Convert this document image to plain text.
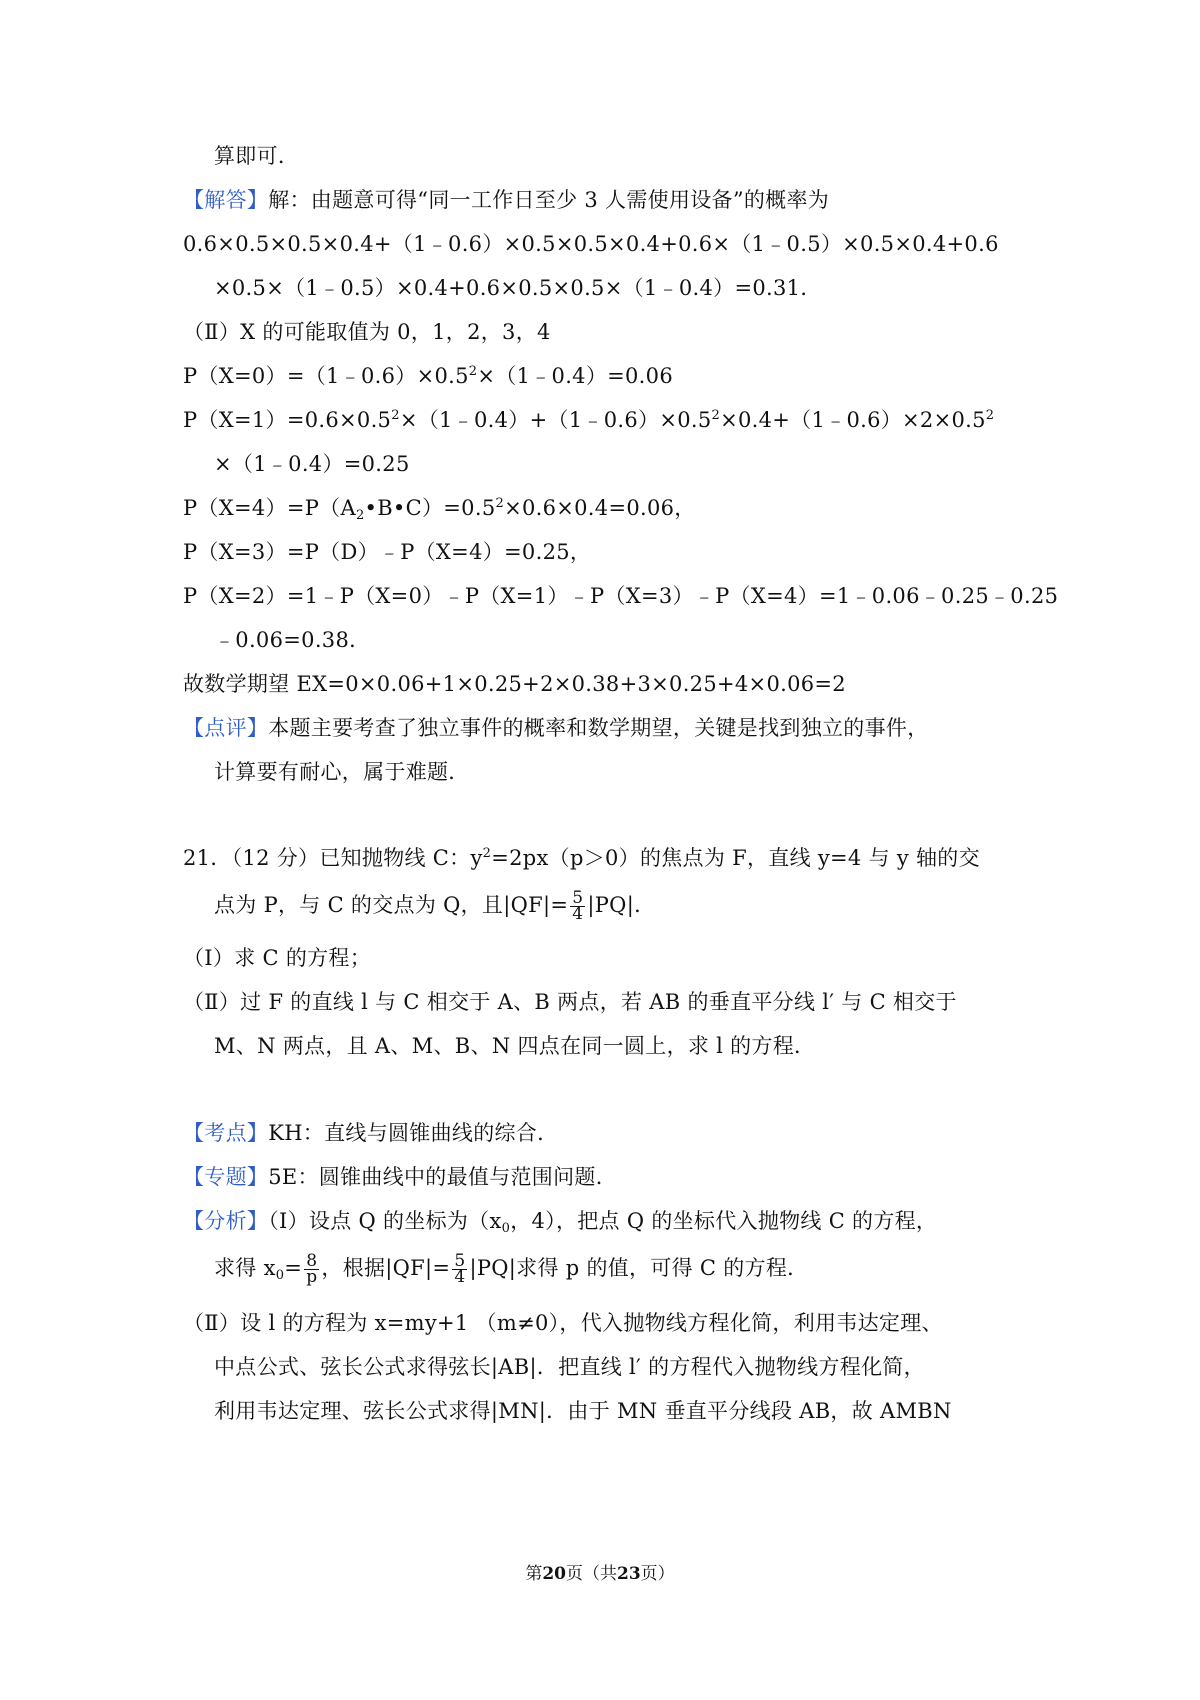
算即可．
【解答】解：由题意可得“同一工作日至少 3 人需使用设备”的概率为
0.6×0.5×0.5×0.4+（1﹣0.6）×0.5×0.5×0.4+0.6×（1﹣0.5）×0.5×0.4+0.6
×0.5×（1﹣0.5）×0.4+0.6×0.5×0.5×（1﹣0.4）=0.31．
（Ⅱ）X 的可能取值为 0，1，2，3，4
$P(X=0)=(1﹣0.6)\times 0.5^2\times(1﹣0.4)=0.06$
$P(X=1)=0.6\times 0.5^2\times(1﹣0.4)+(1﹣0.6)\times 0.5^2\times 0.4+(1﹣0.6)\times 2\times 0.5^2$
×（1﹣0.4）=0.25
$P(X=4)=P(A_2•B•C)=0.5^2\times 0.6\times 0.4=0.06$，
P（X=3）=P（D）﹣P（X=4）=0.25，
P（X=2）=1﹣P（X=0）﹣P（X=1）﹣P（X=3）﹣P（X=4）=1﹣0.06﹣0.25﹣0.25
﹣0.06=0.38．
故数学期望 EX=0×0.06+1×0.25+2×0.38+3×0.25+4×0.06=2
【点评】本题主要考查了独立事件的概率和数学期望，关键是找到独立的事件，
计算要有耐心，属于难题．
21．（12 分）已知抛物线 C：$y^2=2px(p>0)$的焦点为 F，直线 y=4 与 y 轴的交
点为 P，与 C 的交点为 Q，且$|QF|= \frac{5}{4} |PQ|$．
（Ⅰ）求 C 的方程；
（Ⅱ）过 F 的直线 l 与 C 相交于 A、B 两点，若 AB 的垂直平分线 l′ 与 C 相交于
M、N 两点，且 A、M、B、N 四点在同一圆上，求 l 的方程．
【考点】KH：直线与圆锥曲线的综合．
【专题】5E：圆锥曲线中的最值与范围问题．
【分析】（Ⅰ）设点 Q 的坐标为（$x_0$，4），把点 Q 的坐标代入抛物线 C 的方程，
求得 $x_0= \frac{8}{p}$ ，根据$|QF|= \frac{5}{4} |PQ|$求得 p 的值，可得 C 的方程．
（Ⅱ）设 l 的方程为 x=my+1 （m≠0），代入抛物线方程化简，利用韦达定理、
中点公式、弦长公式求得弦长|AB|．把直线 l′ 的方程代入抛物线方程化简，
利用韦达定理、弦长公式求得|MN|．由于 MN 垂直平分线段 AB，故 AMBN
第20页（共23页）
